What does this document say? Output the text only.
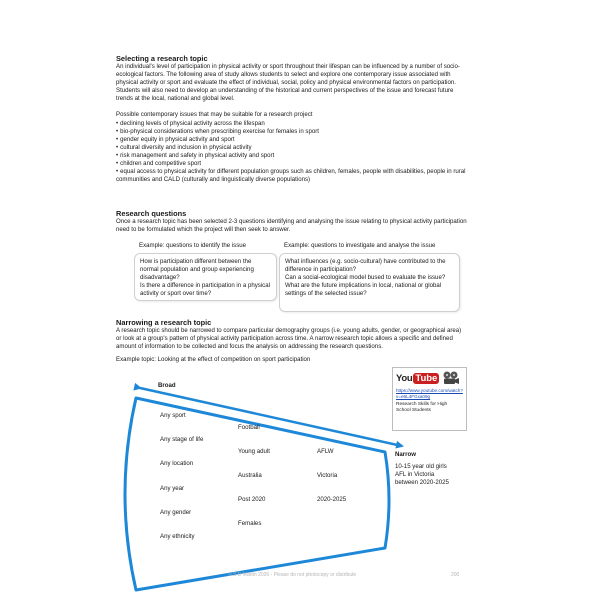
Selecting a research topic

An individual's level of participation in physical activity or sport throughout their lifespan can be influenced by a number of socio-ecological factors. The following area of study allows students to select and explore one contemporary issue associated with physical activity or sport and evaluate the effect of individual, social, policy and physical environmental factors on participation. Students will also need to develop an understanding of the historical and current perspectives of the issue and forecast future trends at the local, national and global level.

Possible contemporary issues that may be suitable for a research project

• declining levels of physical activity across the lifespan
• bio-physical considerations when prescribing exercise for females in sport
• gender equity in physical activity and sport
• cultural diversity and inclusion in physical activity
• risk management and safety in physical activity and sport
• children and competitive sport
• equal access to physical activity for different population groups such as children, females, people with disabilities, people in rural communities and CALD (culturally and linguistically diverse populations)
Research questions

Once a research topic has been selected 2-3 questions identifying and analysing the issue relating to physical activity participation need to be formulated which the project will then seek to answer.

Example: questions to identify the issue	Example: questions to investigate and analyse the issue
How is participation different between the normal population and group experiencing disadvantage?
Is there a difference in participation in a physical activity or sport over time?
What influences (e.g. socio-cultural) have contributed to the difference in participation?
Can a social-ecological model bused to evaluate the issue?
What are the future implications in local, national or global settings of the selected issue?
Narrowing a research topic

A research topic should be narrowed to compare particular demography groups (i.e. young adults, gender, or geographical area) or look at a group's pattern of physical activity participation across time. A narrow research topic allows a specific and defined amount of information to be collected and focus the analysis on addressing the research questions.

Example topic: Looking at the effect of competition on sport participation

You Tube
https://www.youtube.com/watch?v=e6L4FGxa09g
Research Skills for High School Students
Broad
Narrow
10-15 year old girls AFL in Victoria between 2020-2025
Any sport
Any stage of life
Any location
Any year
Any gender
Any ethnicity
Football
Young adult
Australia
Post 2020
Females
AFLW
Victoria
2020-2025
© S D Martin 2026 - Please do not photocopy or distribute	200
